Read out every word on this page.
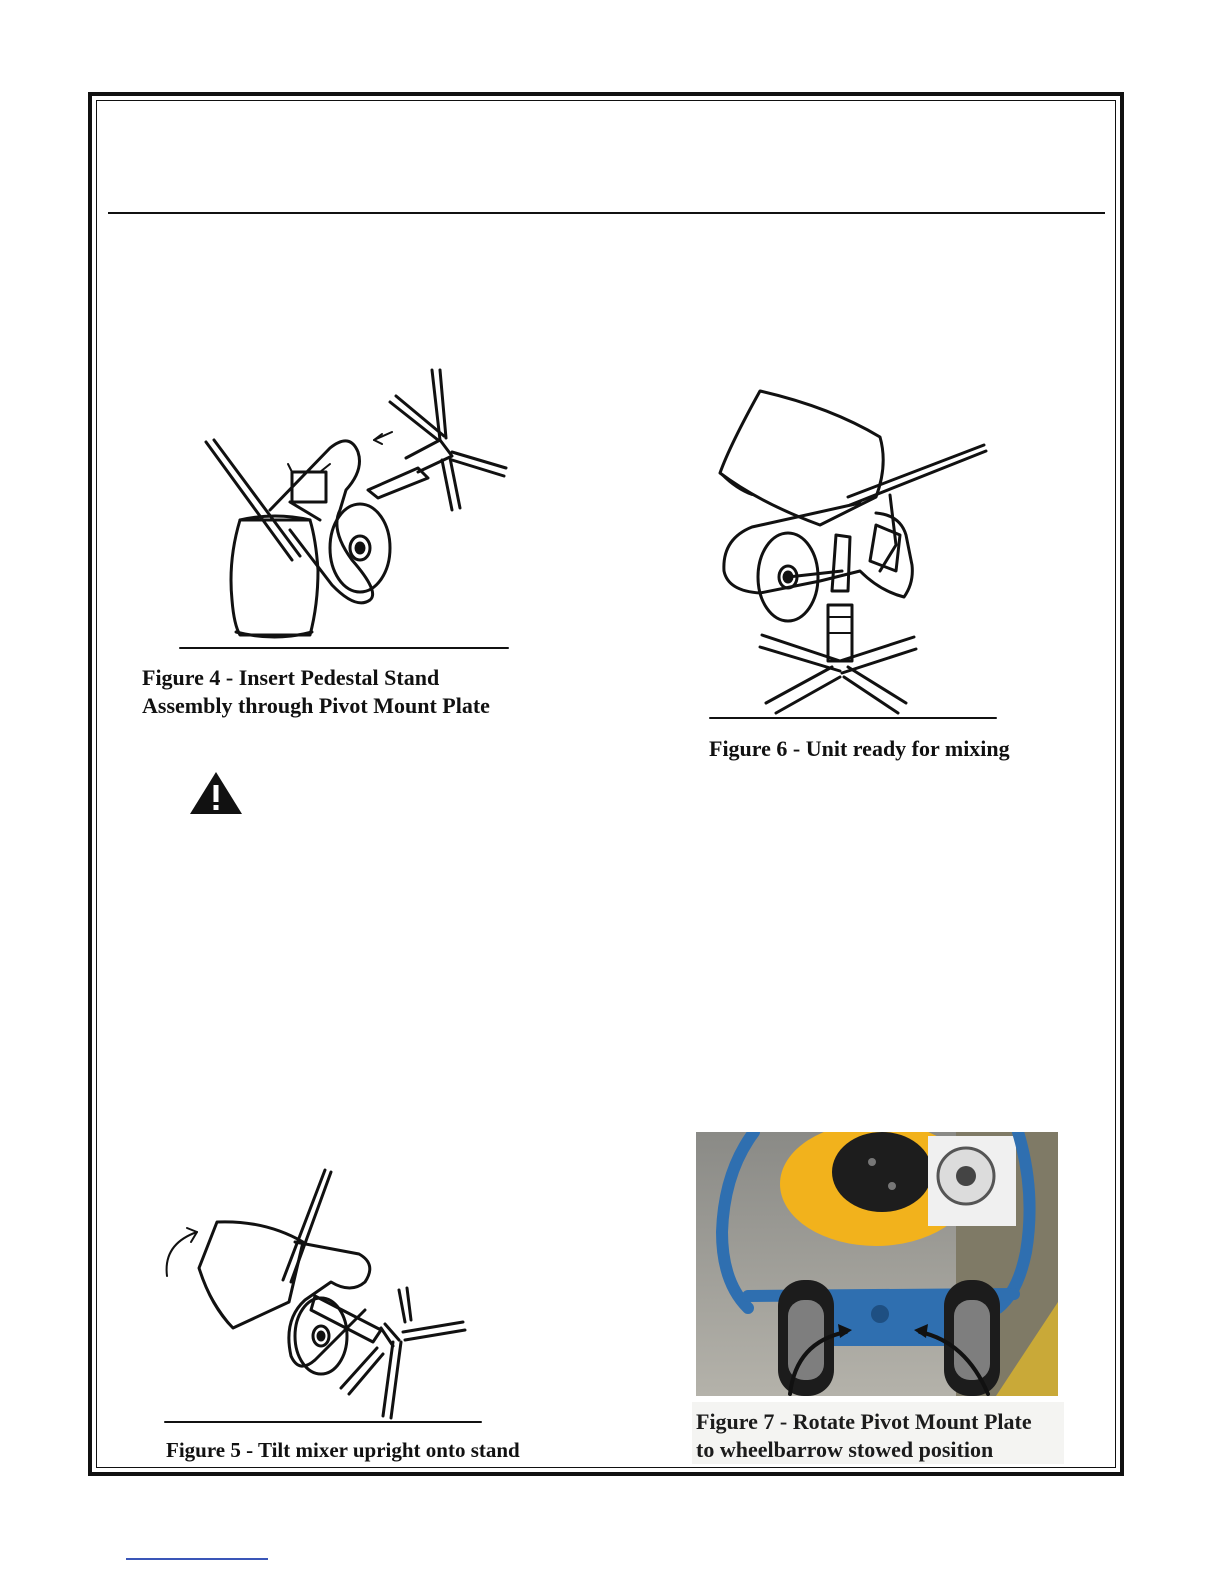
Figure 4 - Insert Pedestal Stand
Assembly through Pivot Mount Plate
Figure 6 - Unit ready for mixing
Figure 5 - Tilt mixer upright onto stand
Figure 7 - Rotate Pivot Mount Plate
to wheelbarrow stowed position
